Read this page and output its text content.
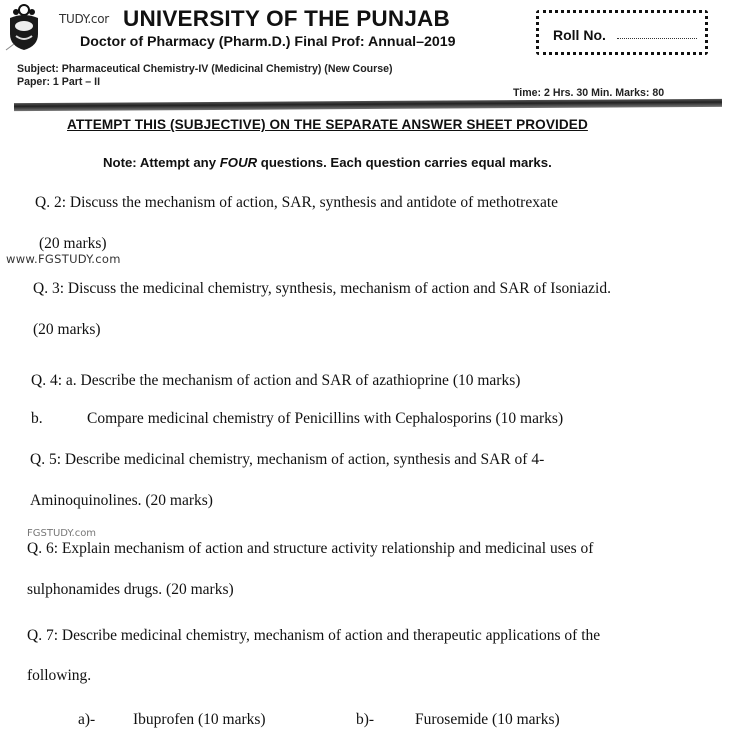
TUDY.cor UNIVERSITY OF THE PUNJAB
Doctor of Pharmacy (Pharm.D.) Final Prof: Annual–2019
Subject: Pharmaceutical Chemistry-IV (Medicinal Chemistry) (New Course)
Paper: 1 Part – II
Time: 2 Hrs. 30 Min. Marks: 80
Roll No.
ATTEMPT THIS (SUBJECTIVE) ON THE SEPARATE ANSWER SHEET PROVIDED
Note: Attempt any FOUR questions. Each question carries equal marks.
Q. 2: Discuss the mechanism of action, SAR, synthesis and antidote of methotrexate
(20 marks)
www.FGSTUDY.com
Q. 3: Discuss the medicinal chemistry, synthesis, mechanism of action and SAR of Isoniazid.
(20 marks)
Q. 4: a. Describe the mechanism of action and SAR of azathioprine (10 marks)
b.	Compare medicinal chemistry of Penicillins with Cephalosporins (10 marks)
Q. 5: Describe medicinal chemistry, mechanism of action, synthesis and SAR of 4-
Aminoquinolines. (20 marks)
FGSTUDY.com
Q. 6: Explain mechanism of action and structure activity relationship and medicinal uses of
sulphonamides drugs. (20 marks)
Q. 7: Describe medicinal chemistry, mechanism of action and therapeutic applications of the
following.
a)- Ibuprofen (10 marks)	b)-	Furosemide (10 marks)
